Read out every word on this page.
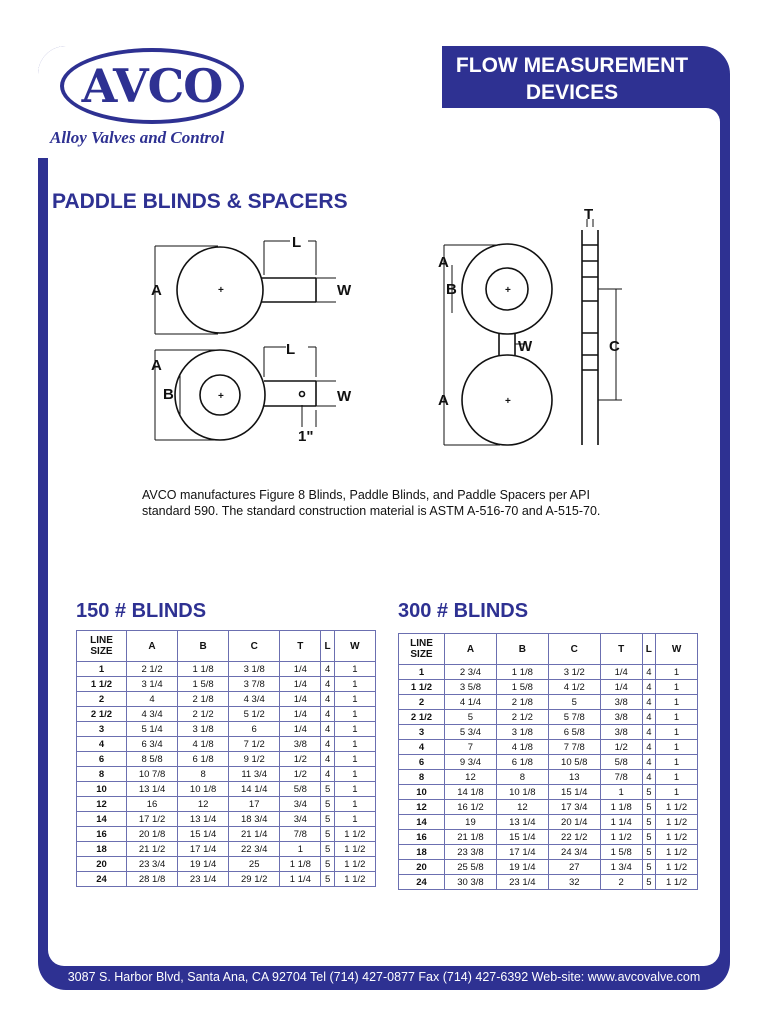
AVCO
Alloy Valves and Control
FLOW MEASUREMENT
DEVICES
PADDLE BLINDS & SPACERS
+
A
L
W
+
A
B
L
W
1"
+
+
T
A
B
W	C
A
AVCO manufactures Figure 8 Blinds, Paddle Blinds, and Paddle Spacers per API standard 590. The standard construction material is ASTM A-516-70 and A-515-70.
150 # BLINDS	300 # BLINDS
LINE
SIZE	A	B	C	T	L	W
1	2 1/2	1 1/8	3 1/8	1/4	4	1
1 1/2	3 1/4	1 5/8	3 7/8	1/4	4	1
2	4	2 1/8	4 3/4	1/4	4	1
2 1/2	4 3/4	2 1/2	5 1/2	1/4	4	1
3	5 1/4	3 1/8	6	1/4	4	1
4	6 3/4	4 1/8	7 1/2	3/8	4	1
6	8 5/8	6 1/8	9 1/2	1/2	4	1
8	10 7/8	8	11 3/4	1/2	4	1
10	13 1/4	10 1/8	14 1/4	5/8	5	1
12	16	12	17	3/4	5	1
14	17 1/2	13 1/4	18 3/4	3/4	5	1
16	20 1/8	15 1/4	21 1/4	7/8	5	1 1/2
18	21 1/2	17 1/4	22 3/4	1	5	1 1/2
20	23 3/4	19 1/4	25	1 1/8	5	1 1/2
24	28 1/8	23 1/4	29 1/2	1 1/4	5	1 1/2
LINE
SIZE	A	B	C	T	L	W
1	2 3/4	1 1/8	3 1/2	1/4	4	1
1 1/2	3 5/8	1 5/8	4 1/2	1/4	4	1
2	4 1/4	2 1/8	5	3/8	4	1
2 1/2	5	2 1/2	5 7/8	3/8	4	1
3	5 3/4	3 1/8	6 5/8	3/8	4	1
4	7	4 1/8	7 7/8	1/2	4	1
6	9 3/4	6 1/8	10 5/8	5/8	4	1
8	12	8	13	7/8	4	1
10	14 1/8	10 1/8	15 1/4	1	5	1
12	16 1/2	12	17 3/4	1 1/8	5	1 1/2
14	19	13 1/4	20 1/4	1 1/4	5	1 1/2
16	21 1/8	15 1/4	22 1/2	1 1/2	5	1 1/2
18	23 3/8	17 1/4	24 3/4	1 5/8	5	1 1/2
20	25 5/8	19 1/4	27	1 3/4	5	1 1/2
24	30 3/8	23 1/4	32	2	5	1 1/2
3087 S. Harbor Blvd, Santa Ana, CA 92704 Tel (714) 427-0877 Fax (714) 427-6392 Web-site: www.avcovalve.com
